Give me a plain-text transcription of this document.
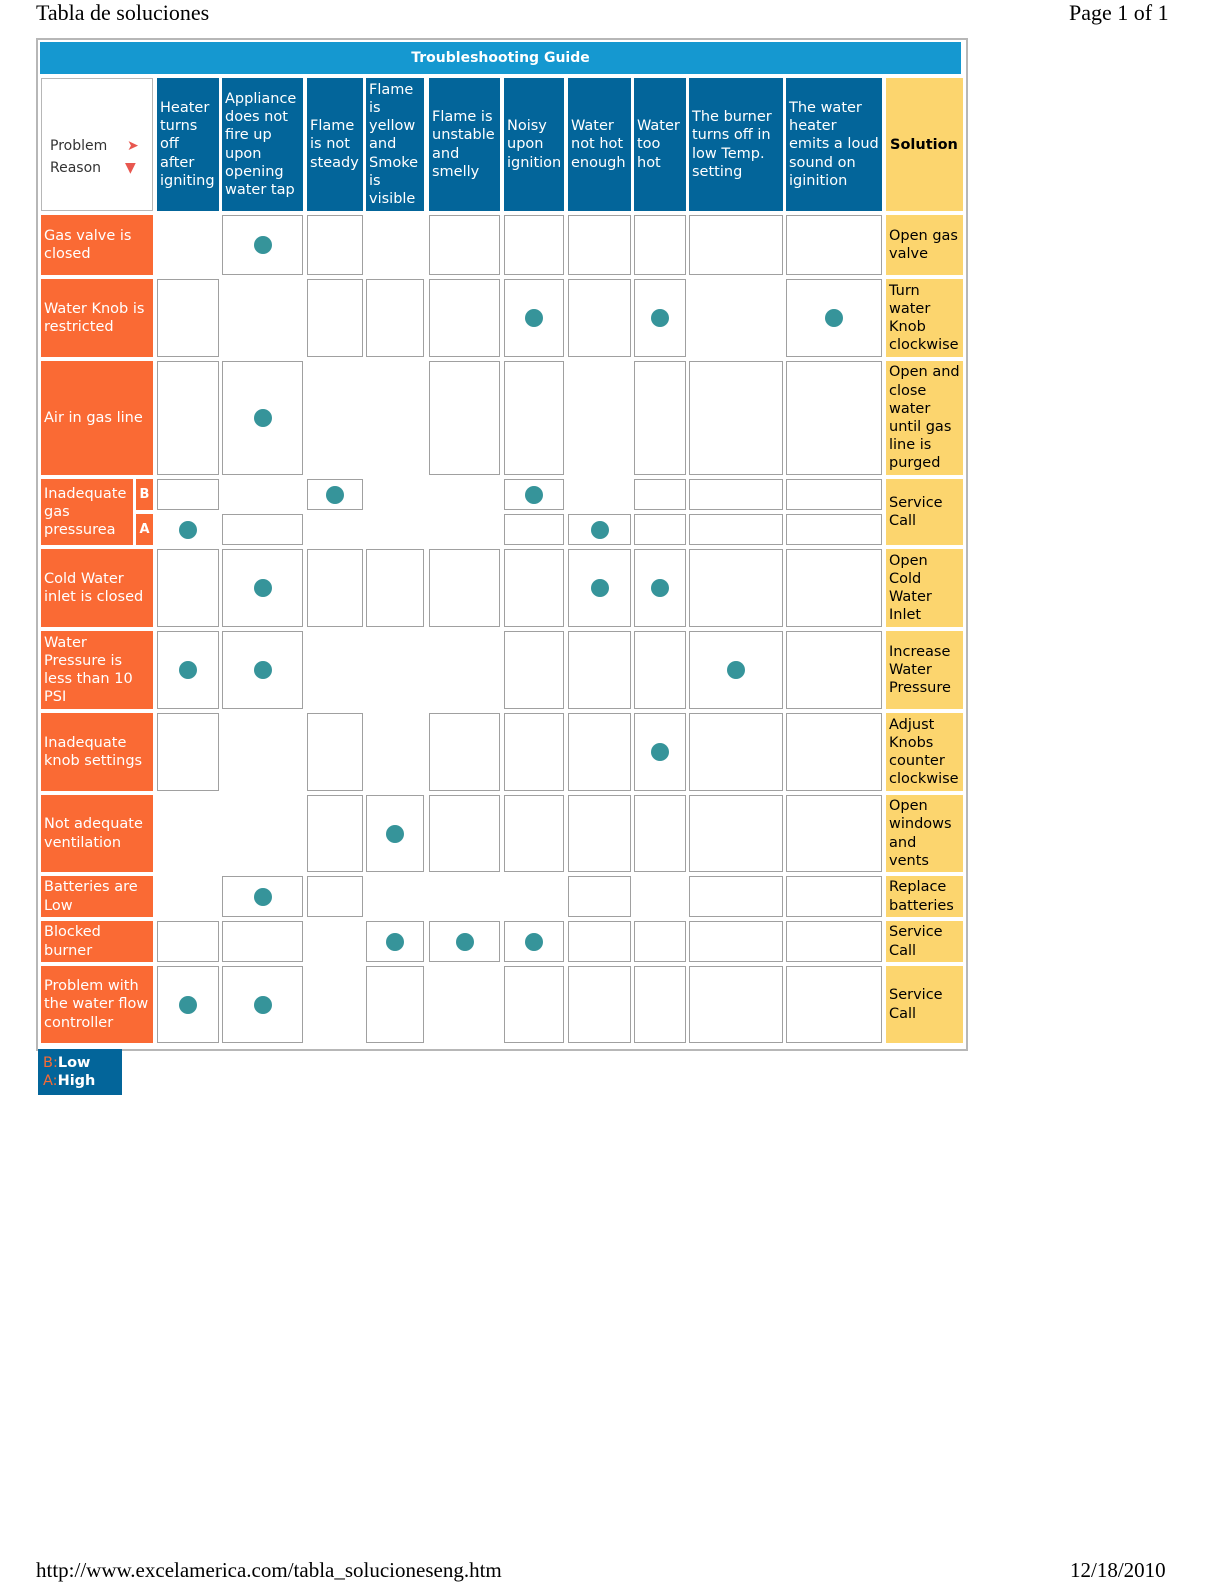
Tabla de soluciones	Page 1 of 1
Troubleshooting Guide
Problem ➤
Reason ▼
Heater turns off after igniting
Appliance does not fire up upon opening water tap
Flame is not steady
Flame is yellow and Smoke is visible
Flame is unstable and smelly
Noisy upon ignition
Water not hot enough
Water too hot
The burner turns off in low Temp. setting
The water heater emits a loud sound on iginition
Solution
Gas valve is closed
Open gas valve
Water Knob is restricted
Turn water Knob clockwise
Air in gas line
Open and close water until gas line is purged
Inadequate gas pressurea
B
A
Service Call
Cold Water inlet is closed
Open Cold Water Inlet
Water Pressure is less than 10 PSI
Increase Water Pressure
Inadequate knob settings
Adjust Knobs counter clockwise
Not adequate ventilation
Open windows and vents
Batteries are Low
Replace batteries
Blocked burner
Service Call
Problem with the water flow controller
Service Call
B:Low
A:High
http://www.excelamerica.com/tabla_solucioneseng.htm	12/18/2010
